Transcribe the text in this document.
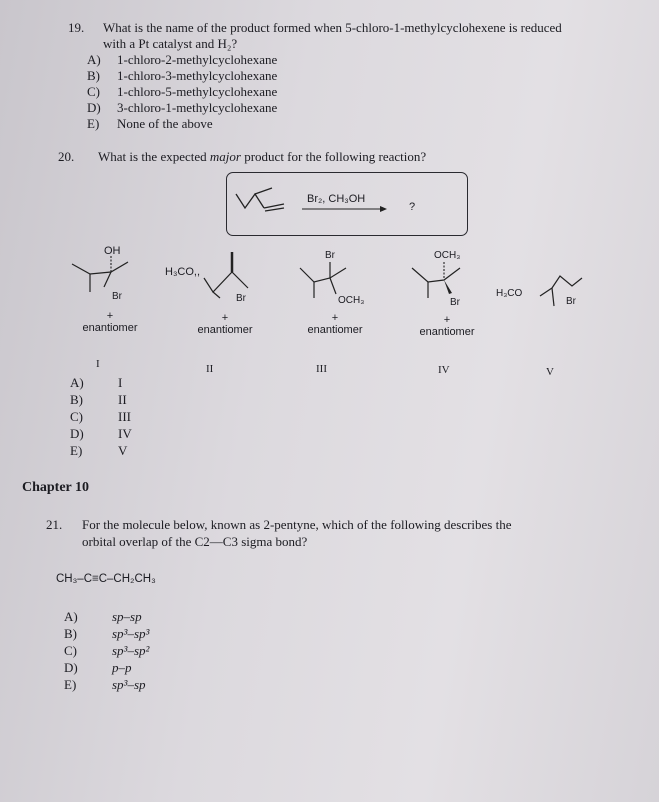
19. What is the name of the product formed when 5-chloro-1-methylcyclohexene is reduced
with a Pt catalyst and H₂?
A) 1-chloro-2-methylcyclohexane
B) 1-chloro-3-methylcyclohexane
C) 1-chloro-5-methylcyclohexane
D) 3-chloro-1-methylcyclohexane
E) None of the above
20. What is the expected major product for the following reaction?
Br₂, CH₃OH
?
OH
Br
+
enantiomer
H₃CO,,
Br
+
enantiomer
Br
OCH₃
+
enantiomer
OCH₃
Br
+
enantiomer
H₃CO
Br
I	II	III	IV	V
A)	I
B)	II
C)	III
D)	IV
E)	V
Chapter 10
21. For the molecule below, known as 2-pentyne, which of the following describes the
orbital overlap of the C2—C3 sigma bond?
CH₃–C≡C–CH₂CH₃
A)	sp–sp
B)	sp³–sp³
C)	sp³–sp²
D)	p–p
E)	sp³–sp
